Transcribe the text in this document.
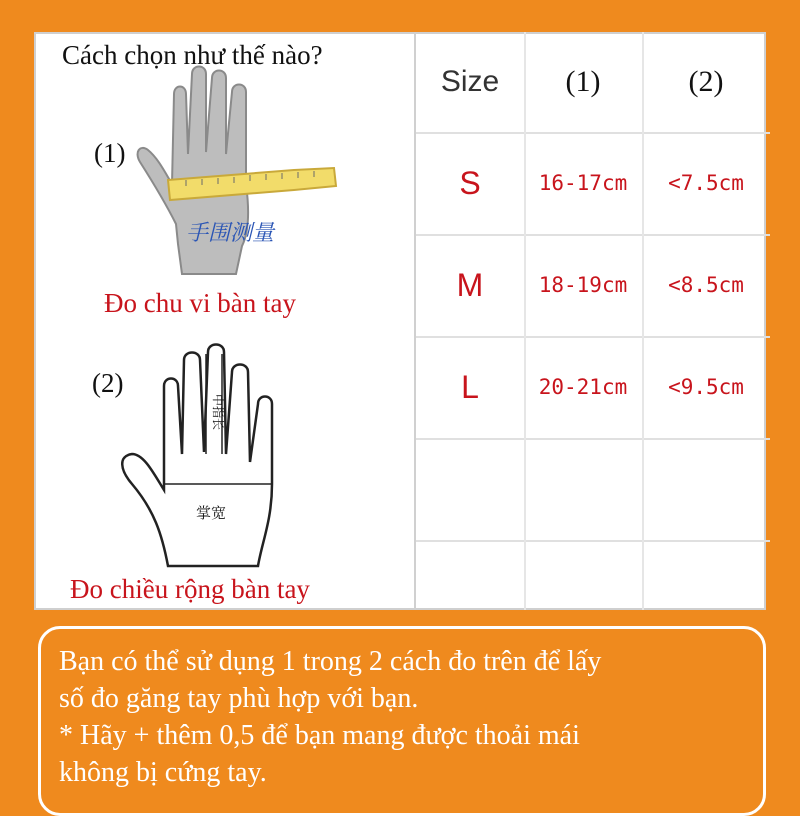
Cách chọn như thế nào?
(1)
手围测量
Đo chu vi bàn tay
(2)
中指长
掌宽
Đo chiều rộng bàn tay
Size	(1)	(2)
S	16-17cm	<7.5cm
M	18-19cm	<8.5cm
L	20-21cm	<9.5cm

Bạn có thể sử dụng 1 trong 2 cách đo trên để lấy

số đo găng tay phù hợp với bạn.

* Hãy + thêm 0,5 để bạn mang được thoải mái

không bị cứng tay.
